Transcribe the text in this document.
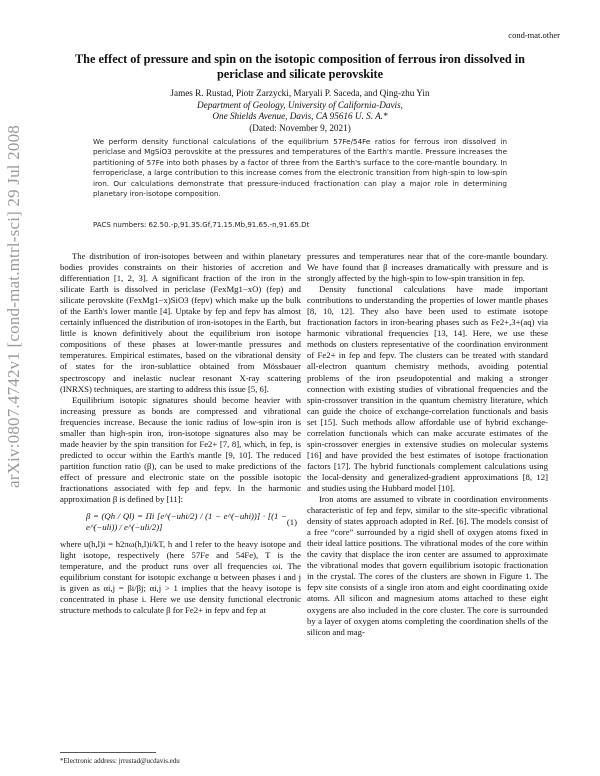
arXiv:0807.4742v1 [cond-mat.mtrl-sci] 29 Jul 2008
cond-mat.other
The effect of pressure and spin on the isotopic composition of ferrous iron dissolved in periclase and silicate perovskite
James R. Rustad, Piotr Zarzycki, Maryali P. Saceda, and Qing-zhu Yin
Department of Geology, University of California-Davis,
One Shields Avenue, Davis, CA 95616 U. S. A.*
(Dated: November 9, 2021)
We perform density functional calculations of the equilibrium 57Fe/54Fe ratios for ferrous iron dissolved in periclase and MgSiO3 perovskite at the pressures and temperatures of the Earth's mantle. Pressure increases the partitioning of 57Fe into both phases by a factor of three from the Earth's surface to the core-mantle boundary. In ferropericlase, a large contribution to this increase comes from the electronic transition from high-spin to low-spin iron. Our calculations demonstrate that pressure-induced fractionation can play a major role in determining planetary iron-isotope composition.
PACS numbers: 62.50.-p,91.35.Gf,71.15.Mb,91.65.-n,91.65.Dt

The distribution of iron-isotopes between and within planetary bodies provides constraints on their histories of accretion and differentiation [1, 2, 3]. A significant fraction of the iron in the silicate Earth is dissolved in periclase (FexMg1−xO) (fep) and silicate perovskite (FexMg1−x)SiO3 (fepv) which make up the bulk of the Earth's lower mantle [4]. Uptake by fep and fepv has almost certainly influenced the distribution of iron-isotopes in the Earth, but little is known definitively about the equilibrium iron isotope compositions of these phases at lower-mantle pressures and temperatures. Empirical estimates, based on the vibrational density of states for the iron-sublattice obtained from Mössbauer spectroscopy and inelastic nuclear resonant X-ray scattering (INRXS) techniques, are starting to address this issue [5, 6].

Equilibrium isotopic signatures should become heavier with increasing pressure as bonds are compressed and vibrational frequencies increase. Because the ionic radius of low-spin iron is smaller than high-spin iron, iron-isotope signatures also may be made heavier by the spin transition for Fe2+ [7, 8], which, in fep, is predicted to occur within the Earth's mantle [9, 10]. The reduced partition function ratio (β), can be used to make predictions of the effect of pressure and electronic state on the possible isotopic fractionations associated with fep and fepv. In the harmonic approximation β is defined by [11]:

β = (Qh / Ql) = Πi [e^(−uhi/2) / (1 − e^(−uhi))] · [(1 − e^(−uli)) / e^(−uli/2)]
(1)

where u(h,l)i = ħ2πω(h,l)i/kT, h and l refer to the heavy isotope and light isotope, respectively (here 57Fe and 54Fe), T is the temperature, and the product runs over all frequencies ωi. The equilibrium constant for isotopic exchange α between phases i and j is given as αi,j = βi/βj; αi,j > 1 implies that the heavy isotope is concentrated in phase i. Here we use density functional electronic structure methods to calculate β for Fe2+ in fepv and fep at

pressures and temperatures near that of the core-mantle boundary. We have found that β increases dramatically with pressure and is strongly affected by the high-spin to low-spin transition in fep.

Density functional calculations have made important contributions to understanding the properties of lower mantle phases [8, 10, 12]. They also have been used to estimate isotope fractionation factors in iron-bearing phases such as Fe2+,3+(aq) via harmonic vibrational frequencies [13, 14]. Here, we use these methods on clusters representative of the coordination environment of Fe2+ in fep and fepv. The clusters can be treated with standard all-electron quantum chemistry methods, avoiding potential problems of the iron pseudopotential and making a stronger connection with existing studies of vibrational frequencies and the spin-crossover transition in the quantum chemistry literature, which can guide the choice of exchange-correlation functionals and basis set [15]. Such methods allow affordable use of hybrid exchange-correlation functionals which can make accurate estimates of the spin-crossover energies in extensive studies on molecular systems [16] and have provided the best estimates of isotope fractionation factors [17]. The hybrid functionals complement calculations using the local-density and generalized-gradient approximations [8, 12] and studies using the Hubbard model [10].

Iron atoms are assumed to vibrate in coordination environments characteristic of fep and fepv, similar to the site-specific vibrational density of states approach adopted in Ref. [6]. The models consist of a free “core” surrounded by a rigid shell of oxygen atoms fixed in their ideal lattice positions. The vibrational modes of the core within the cavity that displace the iron center are assumed to approximate the vibrational modes that govern equilibrium isotopic fractionation in the crystal. The cores of the clusters are shown in Figure 1. The fepv site consists of a single iron atom and eight coordinating oxide atoms. All silicon and magnesium atoms attached to these eight oxygens are also included in the core cluster. The core is surrounded by a layer of oxygen atoms completing the coordination shells of the silicon and mag-

*Electronic address: jrrustad@ucdavis.edu
